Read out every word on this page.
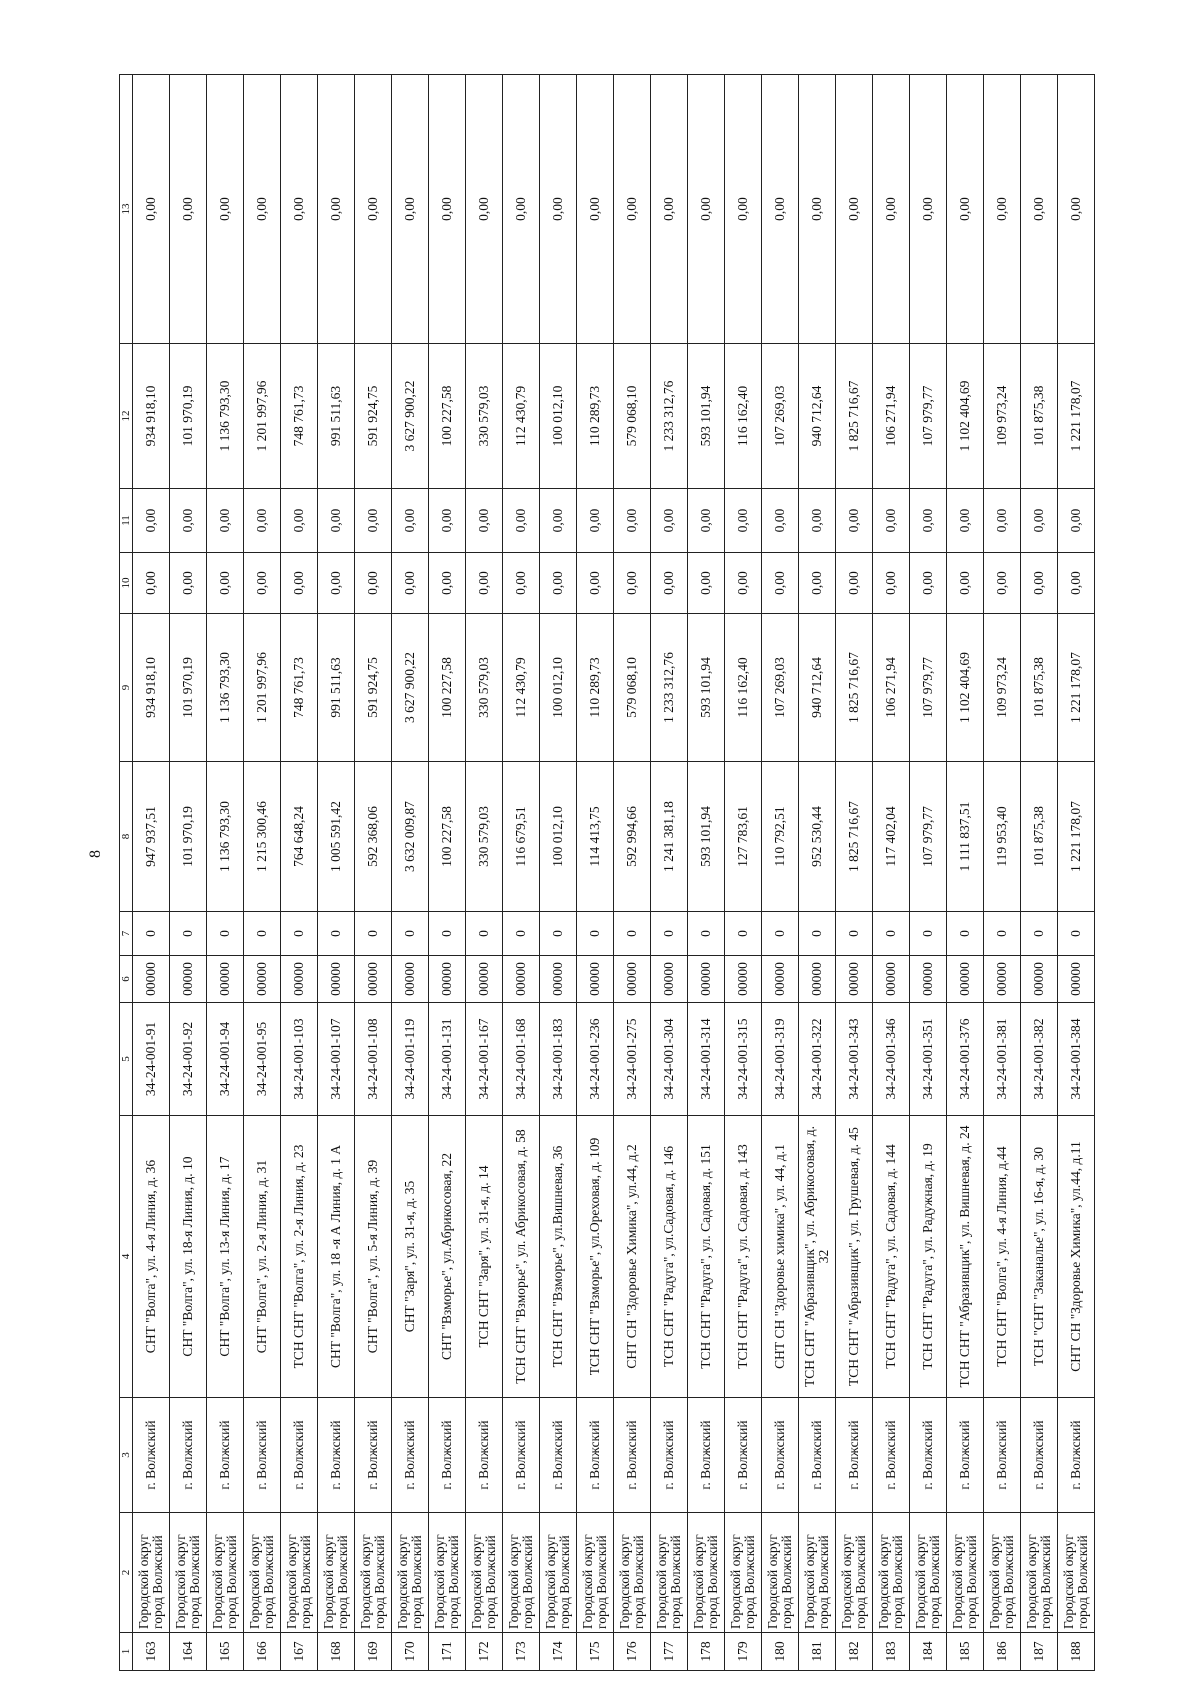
8
1	2	3	4	5	6	7	8	9	10	11	12	13
163	Городской округ город Волжский	г. Волжский	СНТ "Волга", ул. 4-я Линия, д. 36	34-24-001-91	00000	0	947 937,51	934 918,10	0,00	0,00	934 918,10	0,00
164	Городской округ город Волжский	г. Волжский	СНТ "Волга", ул. 18-я Линия, д. 10	34-24-001-92	00000	0	101 970,19	101 970,19	0,00	0,00	101 970,19	0,00
165	Городской округ город Волжский	г. Волжский	СНТ "Волга", ул. 13-я Линия, д. 17	34-24-001-94	00000	0	1 136 793,30	1 136 793,30	0,00	0,00	1 136 793,30	0,00
166	Городской округ город Волжский	г. Волжский	СНТ "Волга", ул. 2-я Линия, д. 31	34-24-001-95	00000	0	1 215 300,46	1 201 997,96	0,00	0,00	1 201 997,96	0,00
167	Городской округ город Волжский	г. Волжский	ТСН СНТ "Волга", ул. 2-я Линия, д. 23	34-24-001-103	00000	0	764 648,24	748 761,73	0,00	0,00	748 761,73	0,00
168	Городской округ город Волжский	г. Волжский	СНТ "Волга", ул. 18 -я А Линия, д. 1 А	34-24-001-107	00000	0	1 005 591,42	991 511,63	0,00	0,00	991 511,63	0,00
169	Городской округ город Волжский	г. Волжский	СНТ "Волга", ул. 5-я Линия, д. 39	34-24-001-108	00000	0	592 368,06	591 924,75	0,00	0,00	591 924,75	0,00
170	Городской округ город Волжский	г. Волжский	СНТ "Заря", ул. 31-я, д. 35	34-24-001-119	00000	0	3 632 009,87	3 627 900,22	0,00	0,00	3 627 900,22	0,00
171	Городской округ город Волжский	г. Волжский	СНТ "Взморье", ул.Абрикосовая, 22	34-24-001-131	00000	0	100 227,58	100 227,58	0,00	0,00	100 227,58	0,00
172	Городской округ город Волжский	г. Волжский	ТСН СНТ "Заря", ул. 31-я, д. 14	34-24-001-167	00000	0	330 579,03	330 579,03	0,00	0,00	330 579,03	0,00
173	Городской округ город Волжский	г. Волжский	ТСН СНТ "Взморье", ул. Абрикосовая, д. 58	34-24-001-168	00000	0	116 679,51	112 430,79	0,00	0,00	112 430,79	0,00
174	Городской округ город Волжский	г. Волжский	ТСН СНТ "Взморье", ул.Вишневая, 36	34-24-001-183	00000	0	100 012,10	100 012,10	0,00	0,00	100 012,10	0,00
175	Городской округ город Волжский	г. Волжский	ТСН СНТ "Взморье", ул.Ореховая, д. 109	34-24-001-236	00000	0	114 413,75	110 289,73	0,00	0,00	110 289,73	0,00
176	Городской округ город Волжский	г. Волжский	СНТ СН "Здоровье Химика", ул.44, д.2	34-24-001-275	00000	0	592 994,66	579 068,10	0,00	0,00	579 068,10	0,00
177	Городской округ город Волжский	г. Волжский	ТСН СНТ "Радуга", ул.Садовая, д. 146	34-24-001-304	00000	0	1 241 381,18	1 233 312,76	0,00	0,00	1 233 312,76	0,00
178	Городской округ город Волжский	г. Волжский	ТСН СНТ "Радуга", ул. Садовая, д. 151	34-24-001-314	00000	0	593 101,94	593 101,94	0,00	0,00	593 101,94	0,00
179	Городской округ город Волжский	г. Волжский	ТСН СНТ "Радуга", ул. Садовая, д. 143	34-24-001-315	00000	0	127 783,61	116 162,40	0,00	0,00	116 162,40	0,00
180	Городской округ город Волжский	г. Волжский	СНТ СН "Здоровье химика", ул. 44, д.1	34-24-001-319	00000	0	110 792,51	107 269,03	0,00	0,00	107 269,03	0,00
181	Городской округ город Волжский	г. Волжский	ТСН СНТ "Абразивщик", ул. Абрикосовая, д. 32	34-24-001-322	00000	0	952 530,44	940 712,64	0,00	0,00	940 712,64	0,00
182	Городской округ город Волжский	г. Волжский	ТСН СНТ "Абразивщик", ул. Грушевая, д. 45	34-24-001-343	00000	0	1 825 716,67	1 825 716,67	0,00	0,00	1 825 716,67	0,00
183	Городской округ город Волжский	г. Волжский	ТСН СНТ "Радуга", ул. Садовая, д. 144	34-24-001-346	00000	0	117 402,04	106 271,94	0,00	0,00	106 271,94	0,00
184	Городской округ город Волжский	г. Волжский	ТСН СНТ "Радуга", ул. Радужная, д. 19	34-24-001-351	00000	0	107 979,77	107 979,77	0,00	0,00	107 979,77	0,00
185	Городской округ город Волжский	г. Волжский	ТСН СНТ "Абразивщик", ул. Вишневая, д. 24	34-24-001-376	00000	0	1 111 837,51	1 102 404,69	0,00	0,00	1 102 404,69	0,00
186	Городской округ город Волжский	г. Волжский	ТСН СНТ "Волга", ул. 4-я Линия, д.44	34-24-001-381	00000	0	119 953,40	109 973,24	0,00	0,00	109 973,24	0,00
187	Городской округ город Волжский	г. Волжский	ТСН "СНТ "Заканалье", ул. 16-я, д. 30	34-24-001-382	00000	0	101 875,38	101 875,38	0,00	0,00	101 875,38	0,00
188	Городской округ город Волжский	г. Волжский	СНТ СН "Здоровье Химика", ул.44, д.11	34-24-001-384	00000	0	1 221 178,07	1 221 178,07	0,00	0,00	1 221 178,07	0,00
